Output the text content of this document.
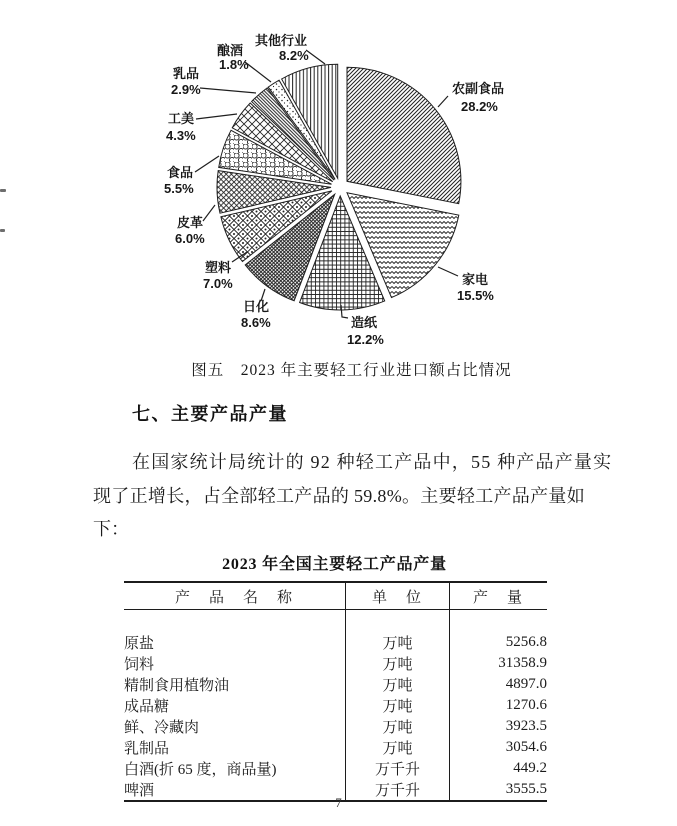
农副食品
28.2%
家电
15.5%
造纸
12.2%
日化
8.6%
塑料
7.0%
皮革
6.0%
食品
5.5%
工美
4.3%
乳品
2.9%
酿酒
1.8%
其他行业
8.2%
图五　2023 年主要轻工行业进口额占比情况
七、主要产品产量
在国家统计局统计的 92 种轻工产品中，55 种产品产量实
现了正增长，占全部轻工产品的 59.8%。主要轻工产品产量如
下：
2023 年全国主要轻工产品产量
产　品　名　称	单　位	产　量

原盐	万吨	5256.8
饲料	万吨	31358.9
精制食用植物油	万吨	4897.0
成品糖	万吨	1270.6
鲜、冷藏肉	万吨	3923.5
乳制品	万吨	3054.6
白酒(折 65 度，商品量)	万千升	449.2
啤酒	万千升	3555.5
7
